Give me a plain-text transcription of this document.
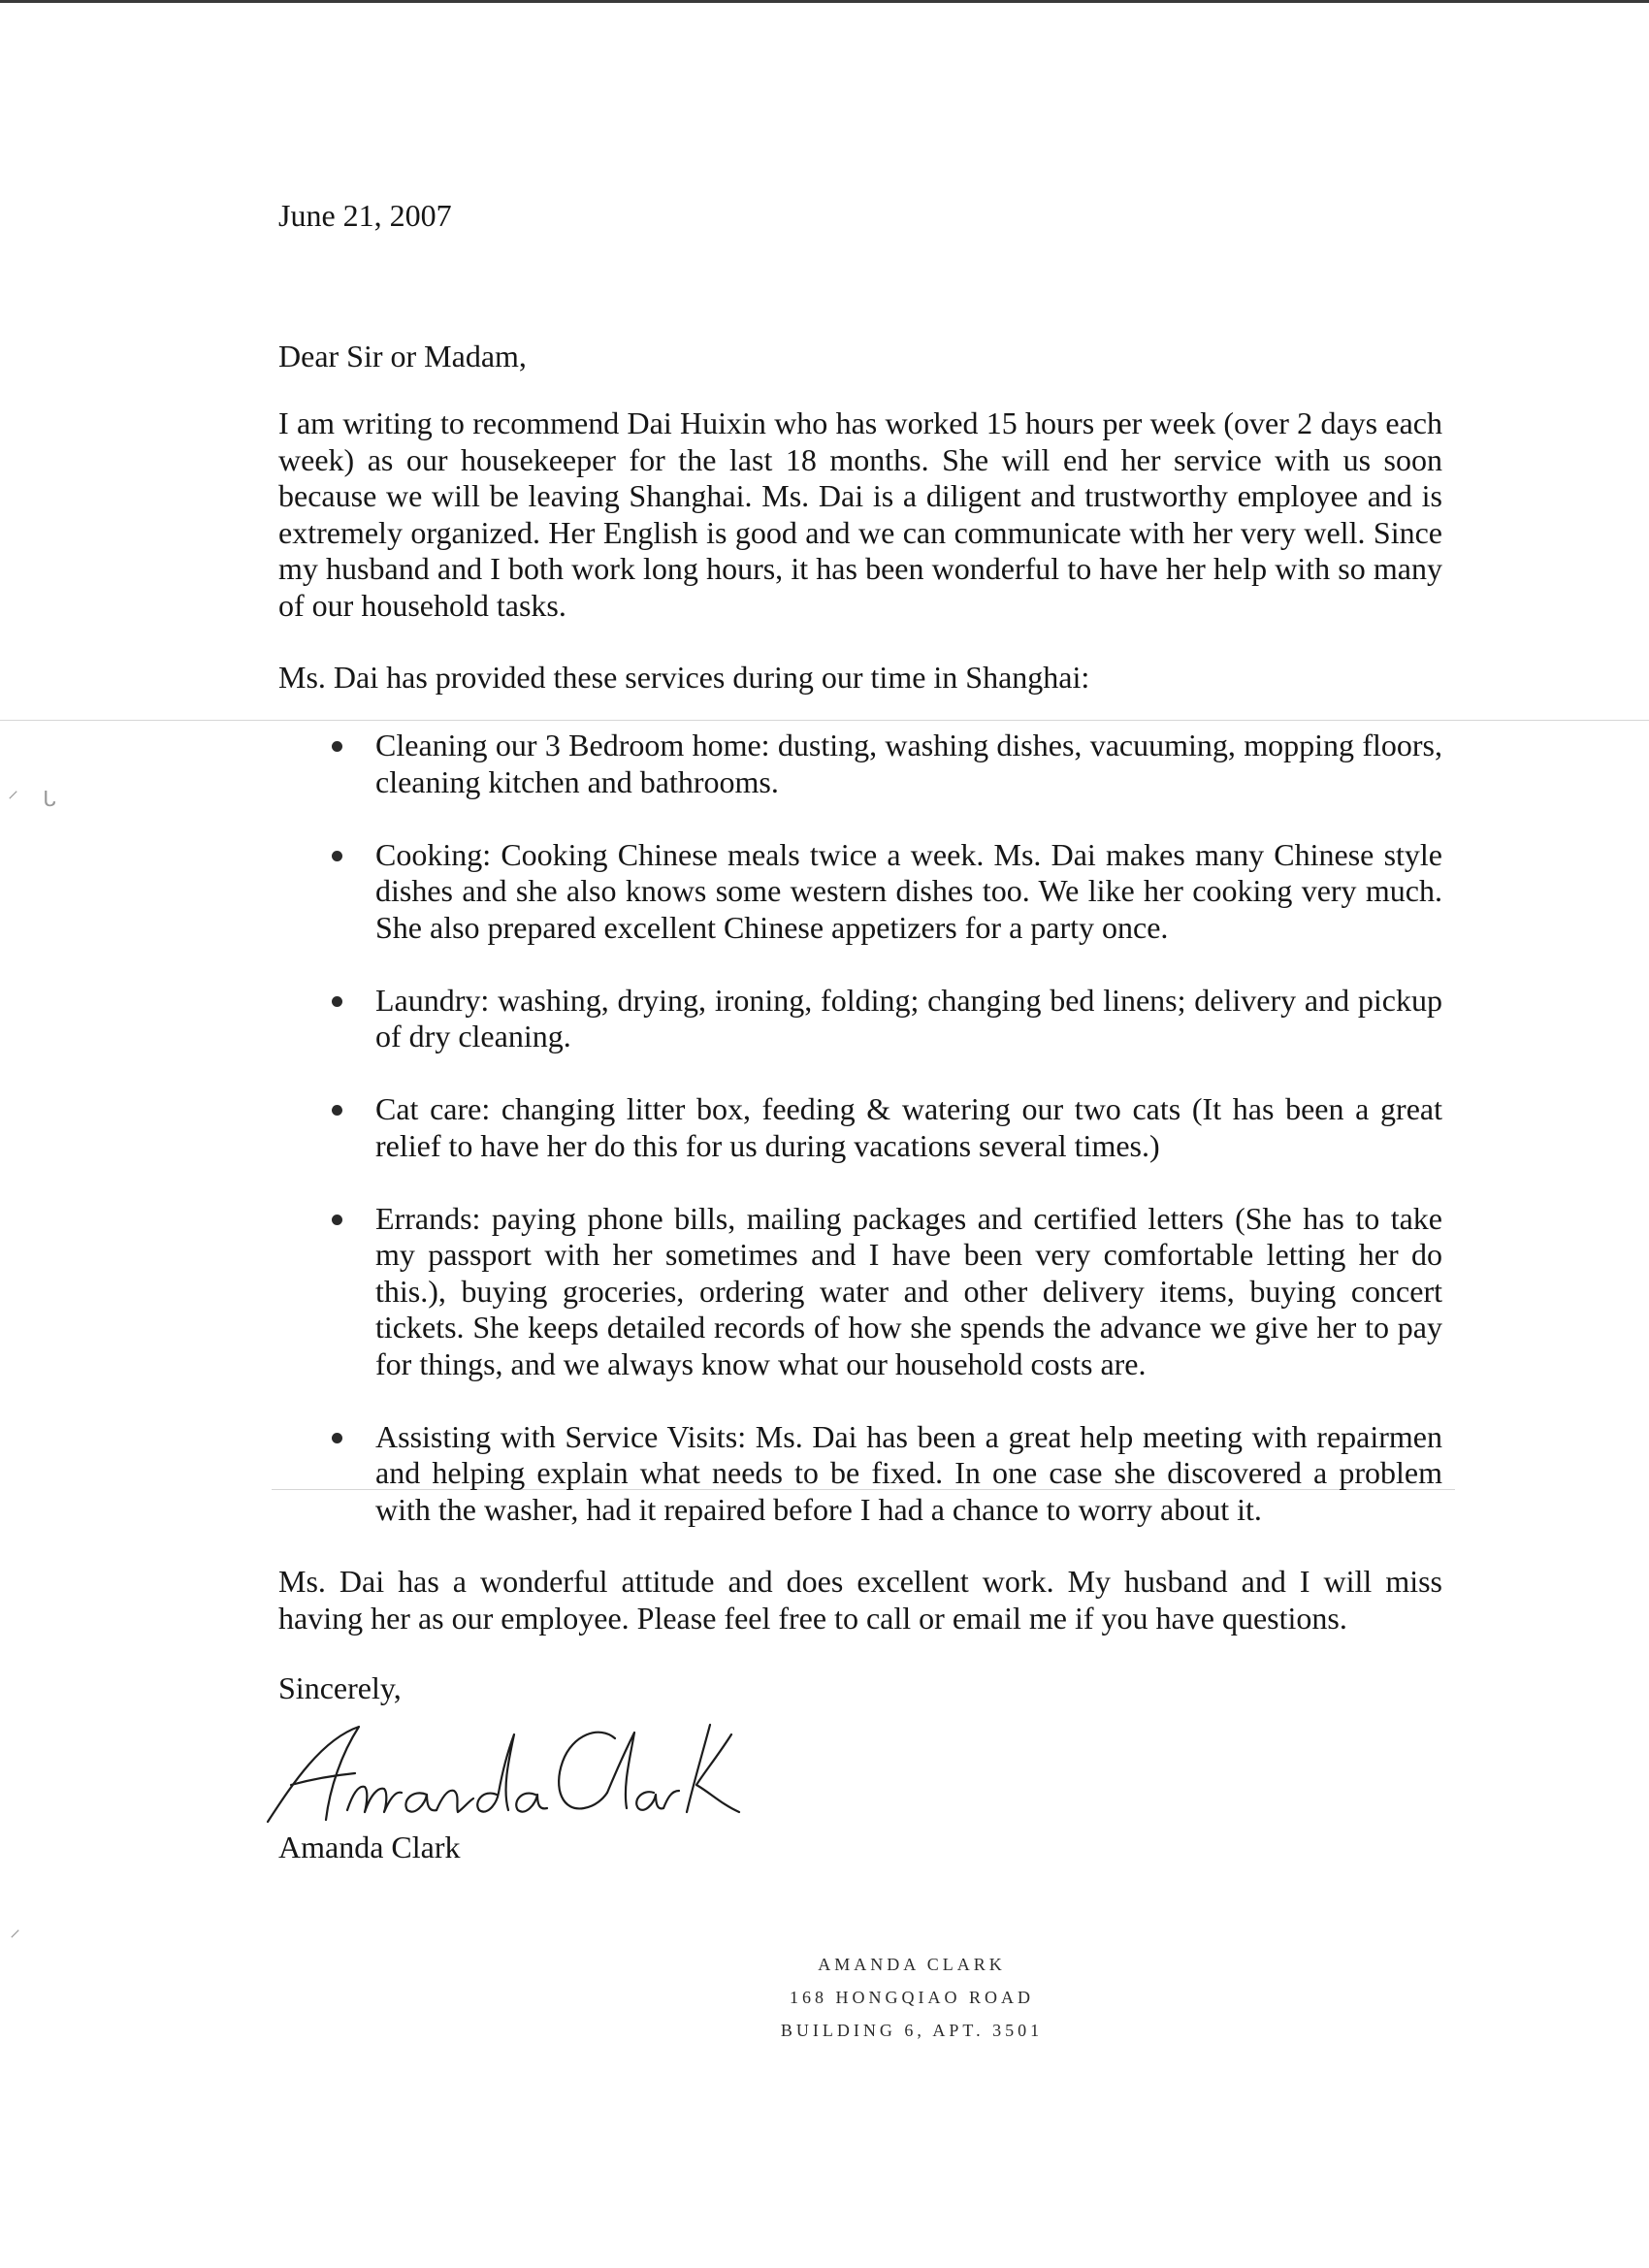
⸍ ᒐ
⸍

June 21, 2007

Dear Sir or Madam,

I am writing to recommend Dai Huixin who has worked 15 hours per week (over 2 days each week) as our housekeeper for the last 18 months. She will end her service with us soon because we will be leaving Shanghai. Ms. Dai is a diligent and trustworthy employee and is extremely organized. Her English is good and we can communicate with her very well. Since my husband and I both work long hours, it has been wonderful to have her help with so many of our household tasks.

Ms. Dai has provided these services during our time in Shanghai:

Cleaning our 3 Bedroom home: dusting, washing dishes, vacuuming, mopping floors, cleaning kitchen and bathrooms.
Cooking: Cooking Chinese meals twice a week. Ms. Dai makes many Chinese style dishes and she also knows some western dishes too. We like her cooking very much. She also prepared excellent Chinese appetizers for a party once.
Laundry: washing, drying, ironing, folding; changing bed linens; delivery and pickup of dry cleaning.
Cat care: changing litter box, feeding & watering our two cats (It has been a great relief to have her do this for us during vacations several times.)
Errands: paying phone bills, mailing packages and certified letters (She has to take my passport with her sometimes and I have been very comfortable letting her do this.), buying groceries, ordering water and other delivery items, buying concert tickets. She keeps detailed records of how she spends the advance we give her to pay for things, and we always know what our household costs are.
Assisting with Service Visits: Ms. Dai has been a great help meeting with repairmen and helping explain what needs to be fixed. In one case she discovered a problem with the washer, had it repaired before I had a chance to worry about it.

Ms. Dai has a wonderful attitude and does excellent work. My husband and I will miss having her as our employee. Please feel free to call or email me if you have questions.

Sincerely,

Amanda Clark

AMANDA CLARK
168 HONGQIAO ROAD
BUILDING 6, APT. 3501
